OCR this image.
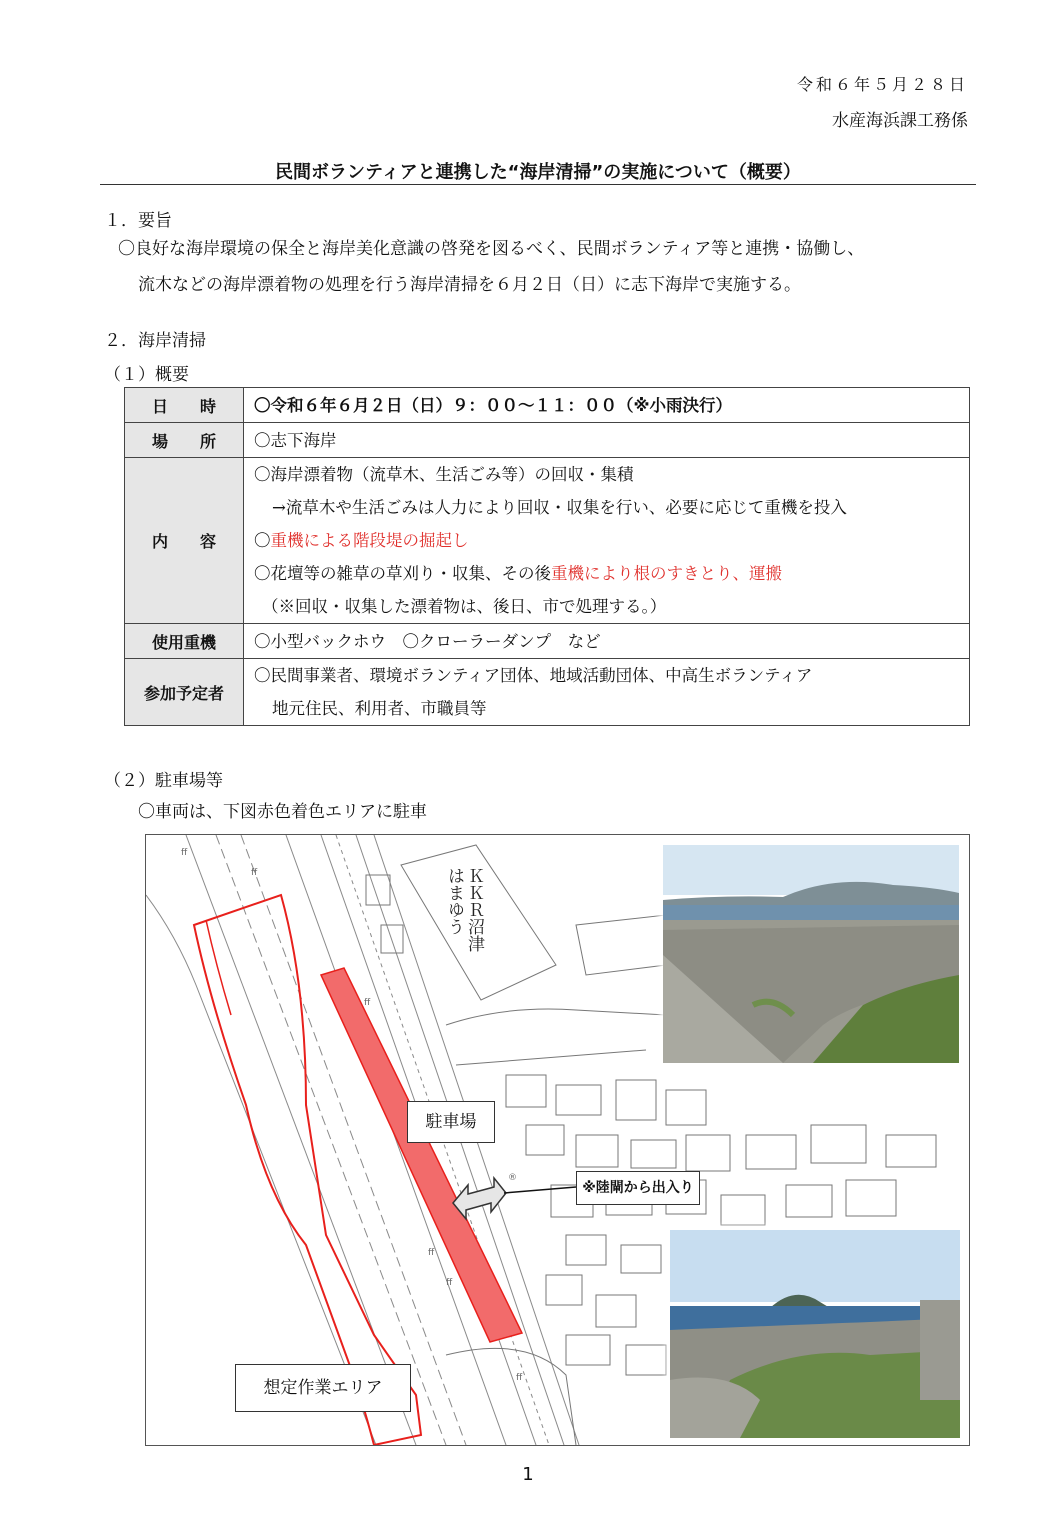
令和６年５月２８日
水産海浜課工務係
民間ボランティアと連携した“海岸清掃”の実施について（概要）
１．要旨
〇良好な海岸環境の保全と海岸美化意識の啓発を図るべく、民間ボランティア等と連携・協働し、
流木などの海岸漂着物の処理を行う海岸清掃を６月２日（日）に志下海岸で実施する。
２．海岸清掃
（１）概要
日　　時	〇令和６年６月２日（日）９：００〜１１：００（※小雨決行）

場　　所	〇志下海岸

内　　容	〇海岸漂着物（流草木、生活ごみ等）の回収・集積
→流草木や生活ごみは人力により回収・収集を行い、必要に応じて重機を投入
〇重機による階段堤の掘起し
〇花壇等の雑草の草刈り・収集、その後重機により根のすきとり、運搬
（※回収・収集した漂着物は、後日、市で処理する。）

使用重機	〇小型バックホウ　〇クローラーダンプ　など

参加予定者	〇民間事業者、環境ボランティア団体、地域活動団体、中高生ボランティア
地元住民、利用者、市職員等
（２）駐車場等
〇車両は、下図赤色着色エリアに駐車
ff
ff
ff
®
ff
ff
ff
ＫＫＲ沼津
はまゆう
駐車場
※陸閘から出入り
想定作業エリア
1
